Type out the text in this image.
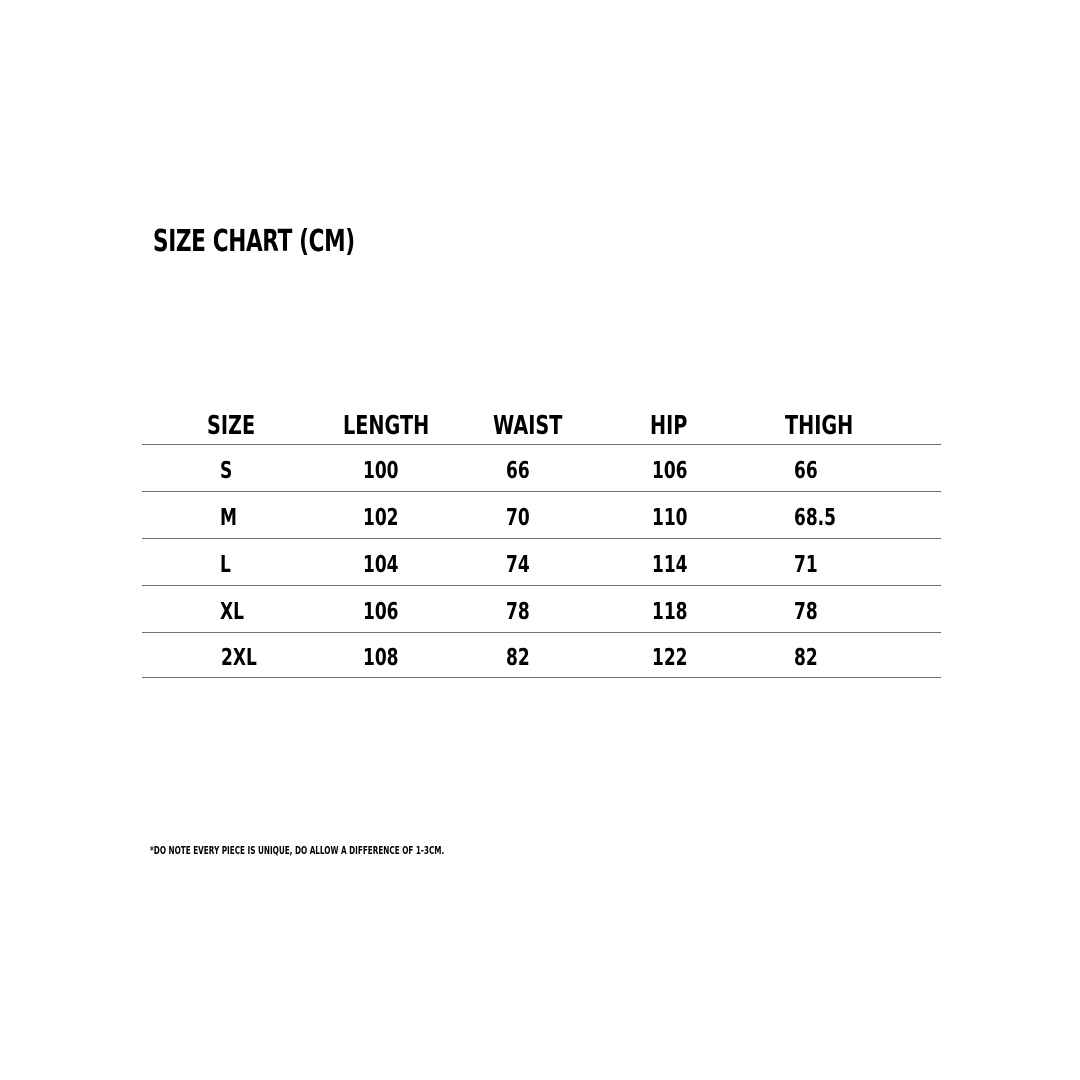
SIZE CHART (CM)
SIZE	LENGTH WAIST	HIP	THIGH
S	100	66	106	66
M	102	70	110	68.5
L	104	74	114	71
XL	106	78	118	78
2XL	108	82	122	82
*DO NOTE EVERY PIECE IS UNIQUE, DO ALLOW A DIFFERENCE OF 1-3CM.
